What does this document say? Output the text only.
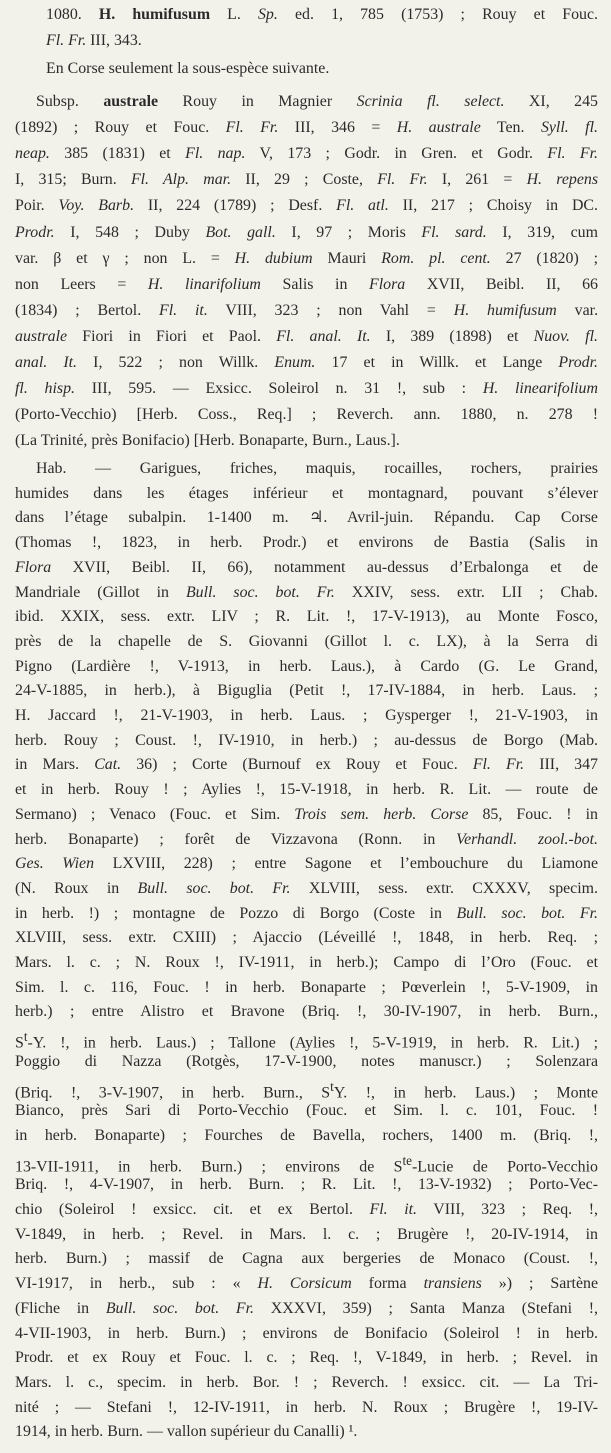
1080. H. humifusum L. Sp. ed. 1, 785 (1753) ; Rouy et Fouc.
Fl. Fr. III, 343.
En Corse seulement la sous-espèce suivante.
Subsp. australe Rouy in Magnier Scrinia fl. select. XI, 245
(1892) ; Rouy et Fouc. Fl. Fr. III, 346 = H. australe Ten. Syll. fl.
neap. 385 (1831) et Fl. nap. V, 173 ; Godr. in Gren. et Godr. Fl. Fr.
I, 315; Burn. Fl. Alp. mar. II, 29 ; Coste, Fl. Fr. I, 261 = H. repens
Poir. Voy. Barb. II, 224 (1789) ; Desf. Fl. atl. II, 217 ; Choisy in DC.
Prodr. I, 548 ; Duby Bot. gall. I, 97 ; Moris Fl. sard. I, 319, cum
var. β et γ ; non L. = H. dubium Mauri Rom. pl. cent. 27 (1820) ;
non Leers = H. linarifolium Salis in Flora XVII, Beibl. II, 66
(1834) ; Bertol. Fl. it. VIII, 323 ; non Vahl = H. humifusum var.
australe Fiori in Fiori et Paol. Fl. anal. It. I, 389 (1898) et Nuov. fl.
anal. It. I, 522 ; non Willk. Enum. 17 et in Willk. et Lange Prodr.
fl. hisp. III, 595. — Exsicc. Soleirol n. 31 !, sub : H. linearifolium
(Porto-Vecchio) [Herb. Coss., Req.] ; Reverch. ann. 1880, n. 278 !
(La Trinité, près Bonifacio) [Herb. Bonaparte, Burn., Laus.].
Hab. — Garigues, friches, maquis, rocailles, rochers, prairies
humides dans les étages inférieur et montagnard, pouvant s’élever
dans l’étage subalpin. 1-1400 m. ♃. Avril-juin. Répandu. Cap Corse
(Thomas !, 1823, in herb. Prodr.) et environs de Bastia (Salis in
Flora XVII, Beibl. II, 66), notamment au-dessus d’Erbalonga et de
Mandriale (Gillot in Bull. soc. bot. Fr. XXIV, sess. extr. LII ; Chab.
ibid. XXIX, sess. extr. LIV ; R. Lit. !, 17-V-1913), au Monte Fosco,
près de la chapelle de S. Giovanni (Gillot l. c. LX), à la Serra di
Pigno (Lardière !, V-1913, in herb. Laus.), à Cardo (G. Le Grand,
24-V-1885, in herb.), à Biguglia (Petit !, 17-IV-1884, in herb. Laus. ;
H. Jaccard !, 21-V-1903, in herb. Laus. ; Gysperger !, 21-V-1903, in
herb. Rouy ; Coust. !, IV-1910, in herb.) ; au-dessus de Borgo (Mab.
in Mars. Cat. 36) ; Corte (Burnouf ex Rouy et Fouc. Fl. Fr. III, 347
et in herb. Rouy ! ; Aylies !, 15-V-1918, in herb. R. Lit. — route de
Sermano) ; Venaco (Fouc. et Sim. Trois sem. herb. Corse 85, Fouc. ! in
herb. Bonaparte) ; forêt de Vizzavona (Ronn. in Verhandl. zool.-bot.
Ges. Wien LXVIII, 228) ; entre Sagone et l’embouchure du Liamone
(N. Roux in Bull. soc. bot. Fr. XLVIII, sess. extr. CXXXV, specim.
in herb. !) ; montagne de Pozzo di Borgo (Coste in Bull. soc. bot. Fr.
XLVIII, sess. extr. CXIII) ; Ajaccio (Léveillé !, 1848, in herb. Req. ;
Mars. l. c. ; N. Roux !, IV-1911, in herb.); Campo di l’Oro (Fouc. et
Sim. l. c. 116, Fouc. ! in herb. Bonaparte ; Pœverlein !, 5-V-1909, in
herb.) ; entre Alistro et Bravone (Briq. !, 30-IV-1907, in herb. Burn.,
$S^t-Y$. !, in herb. Laus.) ; Tallone (Aylies !, 5-V-1919, in herb. R. Lit.) ;
Poggio di Nazza (Rotgès, 17-V-1900, notes manuscr.) ; Solenzara
(Briq. !, 3-V-1907, in herb. Burn., $S^tY$. !, in herb. Laus.) ; Monte
Bianco, près Sari di Porto-Vecchio (Fouc. et Sim. l. c. 101, Fouc. !
in herb. Bonaparte) ; Fourches de Bavella, rochers, 1400 m. (Briq. !,
13-VII-1911, in herb. Burn.) ; environs de $S^{te}$-Lucie de Porto-Vecchio
Briq. !, 4-V-1907, in herb. Burn. ; R. Lit. !, 13-V-1932) ; Porto-Vec-
chio (Soleirol ! exsicc. cit. et ex Bertol. Fl. it. VIII, 323 ; Req. !,
V-1849, in herb. ; Revel. in Mars. l. c. ; Brugère !, 20-IV-1914, in
herb. Burn.) ; massif de Cagna aux bergeries de Monaco (Coust. !,
VI-1917, in herb., sub : « H. Corsicum forma transiens ») ; Sartène
(Fliche in Bull. soc. bot. Fr. XXXVI, 359) ; Santa Manza (Stefani !,
4-VII-1903, in herb. Burn.) ; environs de Bonifacio (Soleirol ! in herb.
Prodr. et ex Rouy et Fouc. l. c. ; Req. !, V-1849, in herb. ; Revel. in
Mars. l. c., specim. in herb. Bor. ! ; Reverch. ! exsicc. cit. — La Tri-
nité ; — Stefani !, 12-IV-1911, in herb. N. Roux ; Brugère !, 19-IV-
1914, in herb. Burn. — vallon supérieur du Canalli) ¹.
